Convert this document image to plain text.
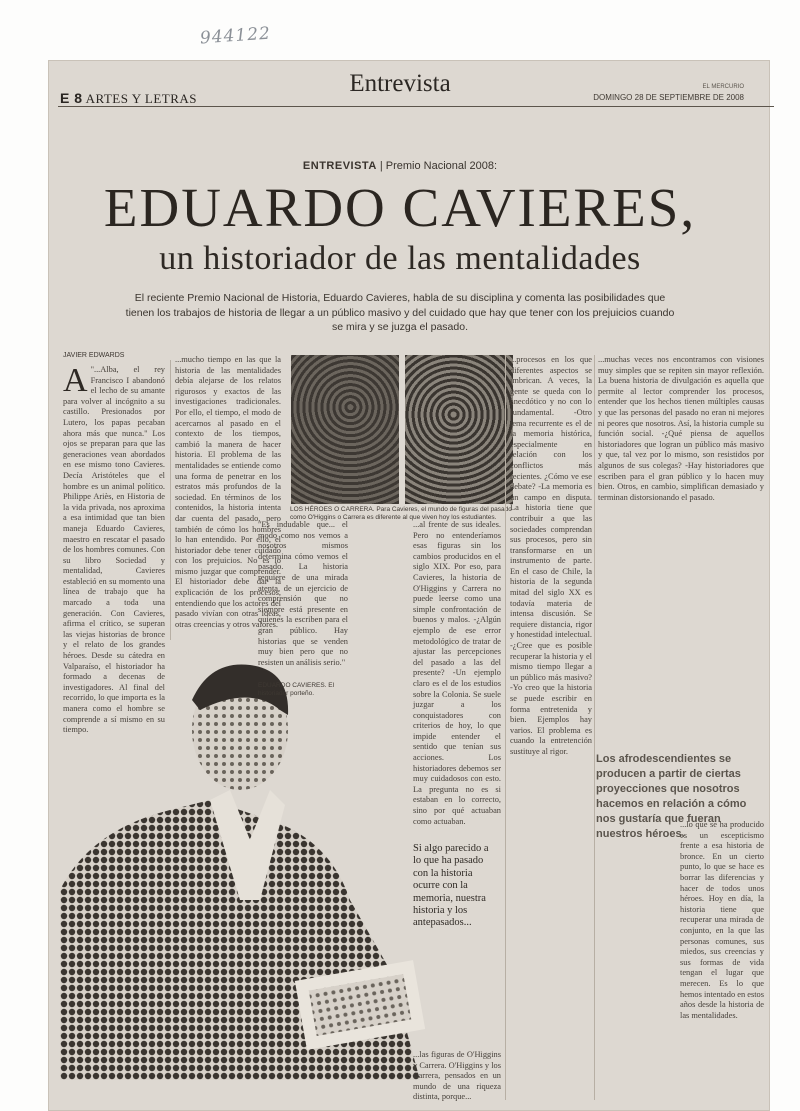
944122
E 8 ARTES Y LETRAS
Entrevista	EL MERCURIO
DOMINGO 28 DE SEPTIEMBRE DE 2008
ENTREVISTA | Premio Nacional 2008:
EDUARDO CAVIERES,
un historiador de las mentalidades
El reciente Premio Nacional de Historia, Eduardo Cavieres, habla de su disciplina y comenta las posibilidades que tienen los trabajos de historia de llegar a un público masivo y del cuidado que hay que tener con los prejuicios cuando se mira y se juzga el pasado.
JAVIER EDWARDS
A "...Alba, el rey Francisco I abandonó el lecho de su amante para volver al incógnito a su castillo. Presionados por Lutero, los papas pecaban ahora más que nunca." Los ojos se preparan para que las generaciones vean abordados en ese mismo tono Cavieres. Decía Aristóteles que el hombre es un animal político. Philippe Ariès, en Historia de la vida privada, nos aproxima a esa intimidad que tan bien maneja Eduardo Cavieres, maestro en rescatar el pasado de los hombres comunes. Con su libro Sociedad y mentalidad, Cavieres estableció en su momento una línea de trabajo que ha marcado a toda una generación. Con Cavieres, afirma el crítico, se superan las viejas historias de bronce y el relato de los grandes héroes. Desde su cátedra en Valparaíso, el historiador ha formado a decenas de investigadores. Al final del recorrido, lo que importa es la manera como el hombre se comprende a sí mismo en su tiempo.
...mucho tiempo en las que la historia de las mentalidades debía alejarse de los relatos rigurosos y exactos de las investigaciones tradicionales. Por ello, el tiempo, el modo de acercarnos al pasado en el contexto de los tiempos, cambió la manera de hacer historia. El problema de las mentalidades se entiende como una forma de penetrar en los estratos más profundos de la sociedad. En términos de los contenidos, la historia intenta dar cuenta del pasado, pero también de cómo los hombres lo han entendido. Por ello, el historiador debe tener cuidado con los prejuicios. No es lo mismo juzgar que comprender. El historiador debe dar la explicación de los procesos, entendiendo que los actores del pasado vivían con otras ideas, otras creencias y otros valores.
LOS HÉROES O CARRERA. Para Cavieres, el mundo de figuras del pasado como O'Higgins o Carrera es diferente al que viven hoy los estudiantes.
"Es indudable que... el modo como nos vemos a nosotros mismos determina cómo vemos el pasado. La historia requiere de una mirada atenta, de un ejercicio de comprensión que no siempre está presente en quienes la escriben para el gran público. Hay historias que se venden muy bien pero que no resisten un análisis serio."
EDUARDO CAVIERES. El historiador porteño.
...al frente de sus ideales. Pero no entenderíamos esas figuras sin los cambios producidos en el siglo XIX. Por eso, para Cavieres, la historia de O'Higgins y Carrera no puede leerse como una simple confrontación de buenos y malos. -¿Algún ejemplo de ese error metodológico de tratar de ajustar las percepciones del pasado a las del presente? -Un ejemplo claro es el de los estudios sobre la Colonia. Se suele juzgar a los conquistadores con criterios de hoy, lo que impide entender el sentido que tenían sus acciones. Los historiadores debemos ser muy cuidadosos con esto. La pregunta no es si estaban en lo correcto, sino por qué actuaban como actuaban.
Si algo parecido a lo que ha pasado con la historia ocurre con la memoria, nuestra historia y los antepasados...
...las figuras de O'Higgins y Carrera. O'Higgins y los Carrera, pensados en un mundo de una riqueza distinta, porque...
...procesos en los que diferentes aspectos se imbrican. A veces, la gente se queda con lo anecdótico y no con lo fundamental. -Otro tema recurrente es el de la memoria histórica, especialmente en relación con los conflictos más recientes. ¿Cómo ve ese debate? -La memoria es un campo en disputa. La historia tiene que contribuir a que las sociedades comprendan sus procesos, pero sin transformarse en un instrumento de parte. En el caso de Chile, la historia de la segunda mitad del siglo XX es todavía materia de intensa discusión. Se requiere distancia, rigor y honestidad intelectual. -¿Cree que es posible recuperar la historia y el mismo tiempo llegar a un público más masivo? -Yo creo que la historia se puede escribir en forma entretenida y bien. Ejemplos hay varios. El problema es cuando la entretención sustituye al rigor.
...muchas veces nos encontramos con visiones muy simples que se repiten sin mayor reflexión. La buena historia de divulgación es aquella que permite al lector comprender los procesos, entender que los hechos tienen múltiples causas y que las personas del pasado no eran ni mejores ni peores que nosotros. Así, la historia cumple su función social. -¿Qué piensa de aquellos historiadores que logran un público más masivo y que, tal vez por lo mismo, son resistidos por algunos de sus colegas? -Hay historiadores que escriben para el gran público y lo hacen muy bien. Otros, en cambio, simplifican demasiado y terminan distorsionando el pasado.
Los afrodescendientes se producen a partir de ciertas proyecciones que nosotros hacemos en relación a cómo nos gustaría que fueran nuestros héroes.
...lo que se ha producido es un escepticismo frente a esa historia de bronce. En un cierto punto, lo que se hace es borrar las diferencias y hacer de todos unos héroes. Hoy en día, la historia tiene que recuperar una mirada de conjunto, en la que las personas comunes, sus miedos, sus creencias y sus formas de vida tengan el lugar que merecen. Es lo que hemos intentado en estos años desde la historia de las mentalidades.
